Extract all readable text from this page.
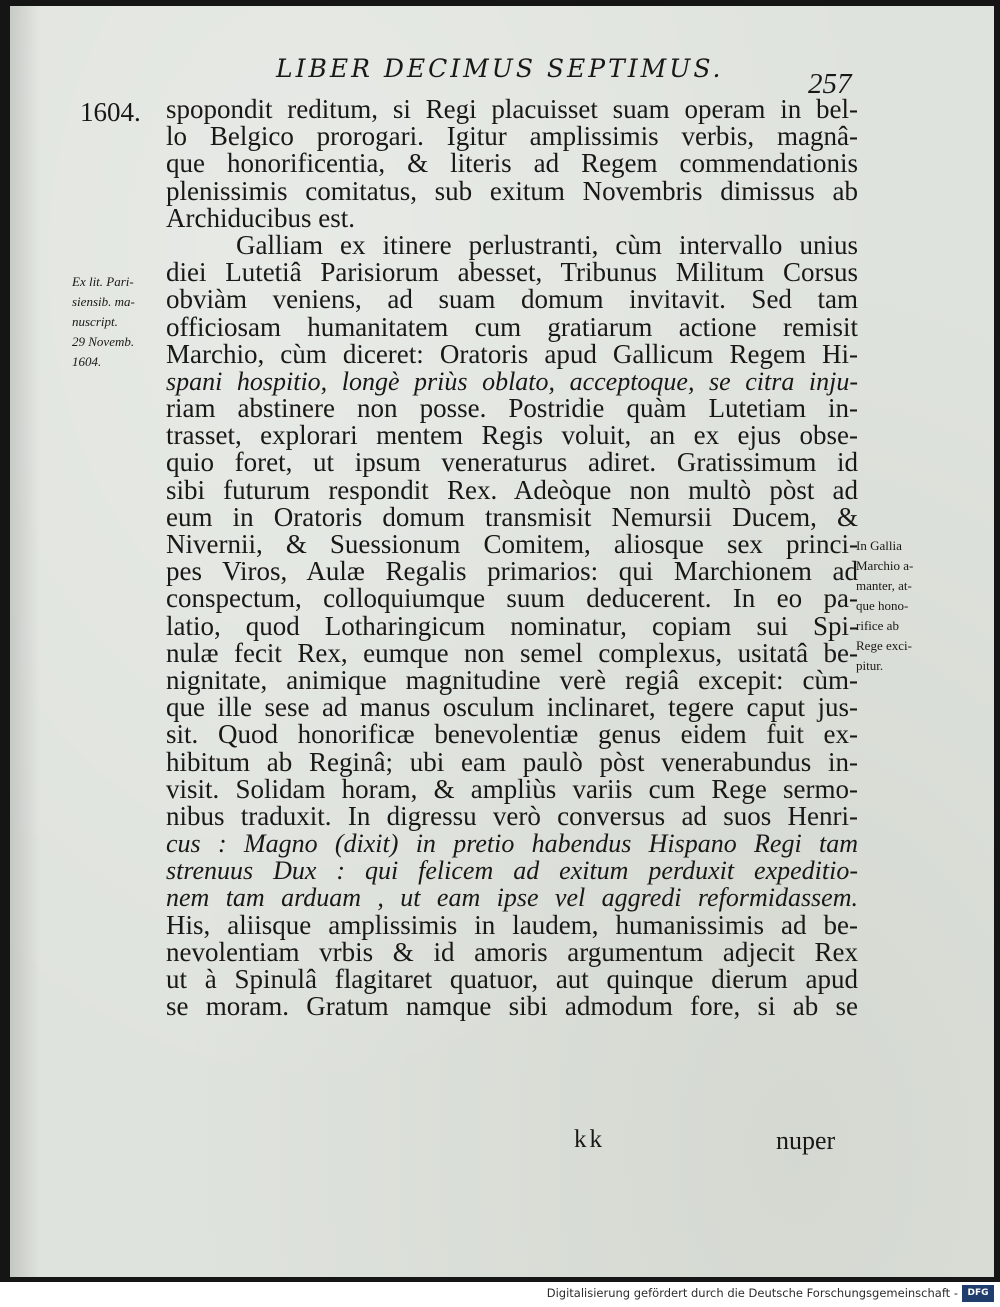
LIBER DECIMUS SEPTIMUS.	257
1604.
Ex lit. Pari-
siensib. ma-
nuscript.
29 Novemb.
1604.
In Gallia
Marchio a-
manter, at-
que hono-
rifice ab
Rege exci-
pitur.
spopondit reditum, si Regi placuisset suam operam in bel-
lo Belgico prorogari. Igitur amplissimis verbis, magnâ-
que honorificentia, & literis ad Regem commendationis
plenissimis comitatus, sub exitum Novembris dimissus ab
Archiducibus est.
Galliam ex itinere perlustranti, cùm intervallo unius
diei Lutetiâ Parisiorum abesset, Tribunus Militum Corsus
obviàm veniens, ad suam domum invitavit. Sed tam
officiosam humanitatem cum gratiarum actione remisit
Marchio, cùm diceret: Oratoris apud Gallicum Regem Hi-
spani hospitio, longè priùs oblato, acceptoque, se citra inju-
riam abstinere non posse. Postridie quàm Lutetiam in-
trasset, explorari mentem Regis voluit, an ex ejus obse-
quio foret, ut ipsum veneraturus adiret. Gratissimum id
sibi futurum respondit Rex. Adeòque non multò pòst ad
eum in Oratoris domum transmisit Nemursii Ducem, &
Nivernii, & Suessionum Comitem, aliosque sex princi-
pes Viros, Aulæ Regalis primarios: qui Marchionem ad
conspectum, colloquiumque suum deducerent. In eo pa-
latio, quod Lotharingicum nominatur, copiam sui Spi-
nulæ fecit Rex, eumque non semel complexus, usitatâ be-
nignitate, animique magnitudine verè regiâ excepit: cùm-
que ille sese ad manus osculum inclinaret, tegere caput jus-
sit. Quod honorificæ benevolentiæ genus eidem fuit ex-
hibitum ab Reginâ; ubi eam paulò pòst venerabundus in-
visit. Solidam horam, & ampliùs variis cum Rege sermo-
nibus traduxit. In digressu verò conversus ad suos Henri-
cus : Magno (dixit) in pretio habendus Hispano Regi tam
strenuus Dux : qui felicem ad exitum perduxit expeditio-
nem tam arduam , ut eam ipse vel aggredi reformidassem.
His, aliisque amplissimis in laudem, humanissimis ad be-
nevolentiam vrbis & id amoris argumentum adjecit Rex
ut à Spinulâ flagitaret quatuor, aut quinque dierum apud
se moram. Gratum namque sibi admodum fore, si ab se
kk	nuper
Digitalisierung gefördert durch die Deutsche Forschungsgemeinschaft -	DFG
